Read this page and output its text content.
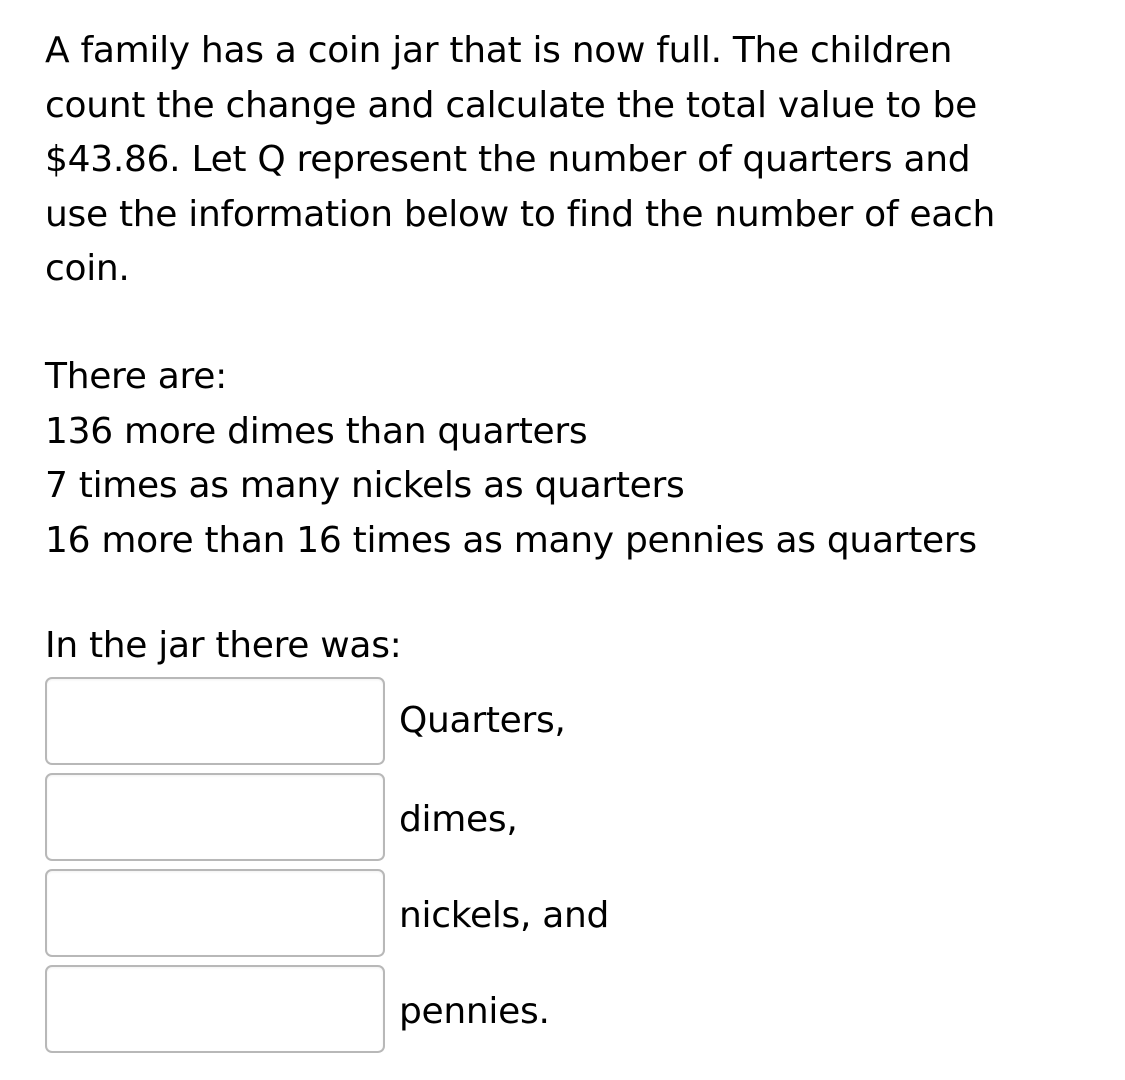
A family has a coin jar that is now full. The children
count the change and calculate the total value to be
$43.86. Let Q represent the number of quarters and
use the information below to find the number of each
coin.
There are:
136 more dimes than quarters
7 times as many nickels as quarters
16 more than 16 times as many pennies as quarters
In the jar there was:
Quarters,
dimes,
nickels, and
pennies.
